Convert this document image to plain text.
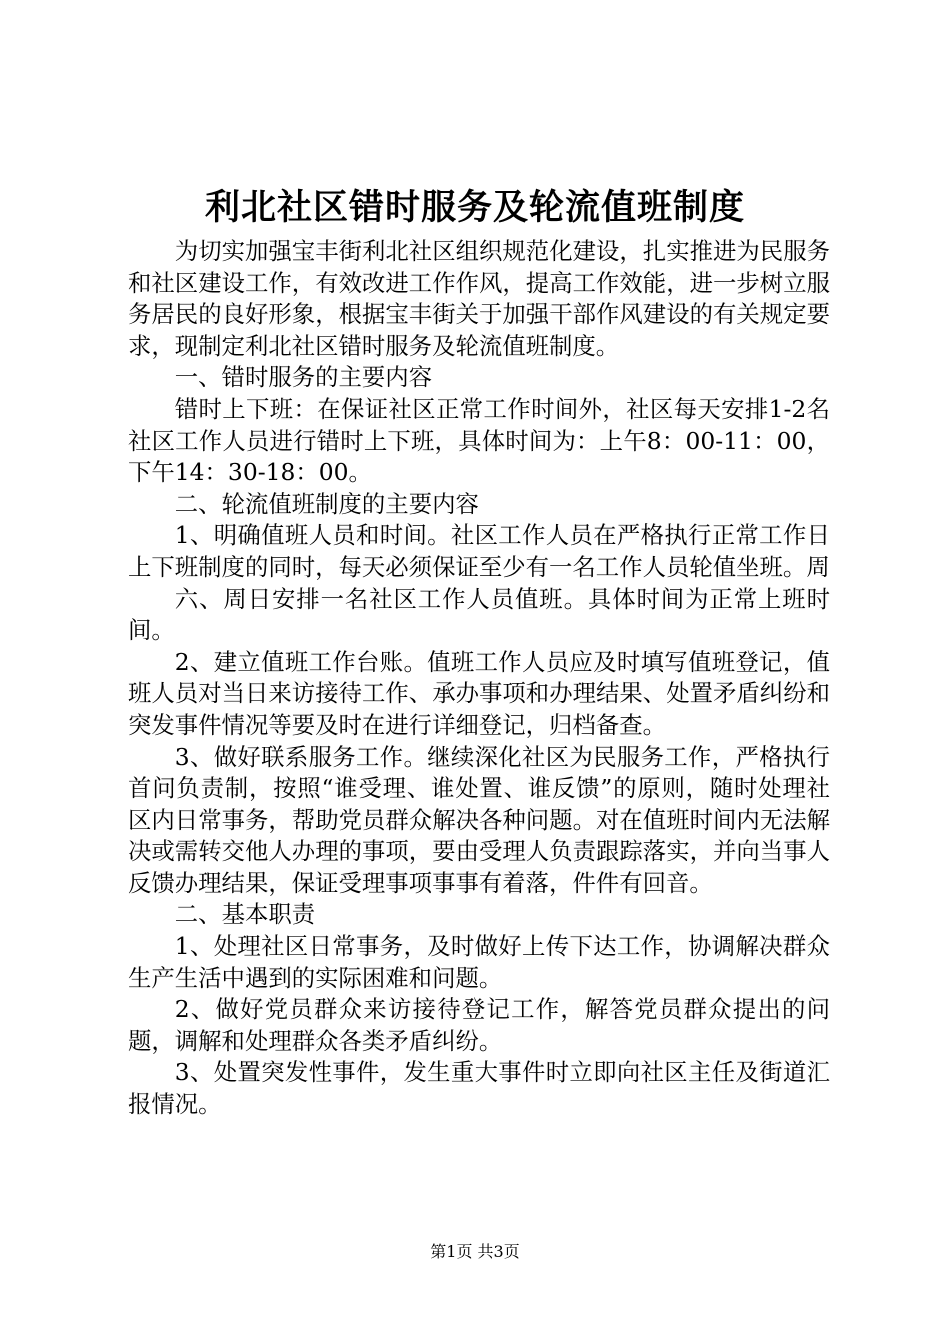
利北社区错时服务及轮流值班制度

为切实加强宝丰街利北社区组织规范化建设，扎实推进为民服务和社区建设工作，有效改进工作作风，提高工作效能，进一步树立服务居民的良好形象，根据宝丰街关于加强干部作风建设的有关规定要求，现制定利北社区错时服务及轮流值班制度。

一、错时服务的主要内容

错时上下班：在保证社区正常工作时间外，社区每天安排1-2名社区工作人员进行错时上下班，具体时间为：上午8：00-11：00，下午14：30-18：00。

二、轮流值班制度的主要内容

1、明确值班人员和时间。社区工作人员在严格执行正常工作日上下班制度的同时，每天必须保证至少有一名工作人员轮值坐班。周

六、周日安排一名社区工作人员值班。具体时间为正常上班时间。

2、建立值班工作台账。值班工作人员应及时填写值班登记，值班人员对当日来访接待工作、承办事项和办理结果、处置矛盾纠纷和突发事件情况等要及时在进行详细登记，归档备查。

3、做好联系服务工作。继续深化社区为民服务工作，严格执行首问负责制，按照“谁受理、谁处置、谁反馈”的原则，随时处理社区内日常事务，帮助党员群众解决各种问题。对在值班时间内无法解决或需转交他人办理的事项，要由受理人负责跟踪落实，并向当事人反馈办理结果，保证受理事项事事有着落，件件有回音。

二、基本职责

1、处理社区日常事务，及时做好上传下达工作，协调解决群众生产生活中遇到的实际困难和问题。

2、做好党员群众来访接待登记工作，解答党员群众提出的问题，调解和处理群众各类矛盾纠纷。

3、处置突发性事件，发生重大事件时立即向社区主任及街道汇报情况。

第1页 共3页
